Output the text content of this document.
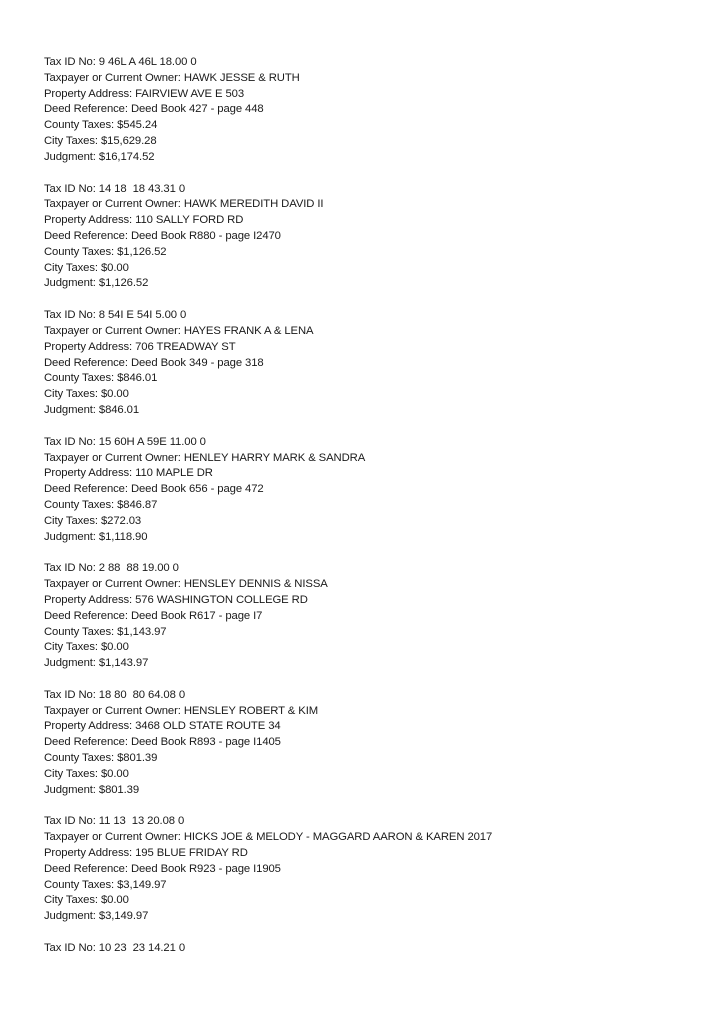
Tax ID No: 9 46L A 46L 18.00 0
Taxpayer or Current Owner: HAWK JESSE & RUTH
Property Address: FAIRVIEW AVE E 503
Deed Reference: Deed Book 427 - page 448
County Taxes: $545.24
City Taxes: $15,629.28
Judgment: $16,174.52
Tax ID No: 14 18  18 43.31 0
Taxpayer or Current Owner: HAWK MEREDITH DAVID II
Property Address: 110 SALLY FORD RD
Deed Reference: Deed Book R880 - page I2470
County Taxes: $1,126.52
City Taxes: $0.00
Judgment: $1,126.52
Tax ID No: 8 54I E 54I 5.00 0
Taxpayer or Current Owner: HAYES FRANK A & LENA
Property Address: 706 TREADWAY ST
Deed Reference: Deed Book 349 - page 318
County Taxes: $846.01
City Taxes: $0.00
Judgment: $846.01
Tax ID No: 15 60H A 59E 11.00 0
Taxpayer or Current Owner: HENLEY HARRY MARK & SANDRA
Property Address: 110 MAPLE DR
Deed Reference: Deed Book 656 - page 472
County Taxes: $846.87
City Taxes: $272.03
Judgment: $1,118.90
Tax ID No: 2 88  88 19.00 0
Taxpayer or Current Owner: HENSLEY DENNIS & NISSA
Property Address: 576 WASHINGTON COLLEGE RD
Deed Reference: Deed Book R617 - page I7
County Taxes: $1,143.97
City Taxes: $0.00
Judgment: $1,143.97
Tax ID No: 18 80  80 64.08 0
Taxpayer or Current Owner: HENSLEY ROBERT & KIM
Property Address: 3468 OLD STATE ROUTE 34
Deed Reference: Deed Book R893 - page I1405
County Taxes: $801.39
City Taxes: $0.00
Judgment: $801.39
Tax ID No: 11 13  13 20.08 0
Taxpayer or Current Owner: HICKS JOE & MELODY - MAGGARD AARON & KAREN 2017
Property Address: 195 BLUE FRIDAY RD
Deed Reference: Deed Book R923 - page I1905
County Taxes: $3,149.97
City Taxes: $0.00
Judgment: $3,149.97
Tax ID No: 10 23  23 14.21 0
